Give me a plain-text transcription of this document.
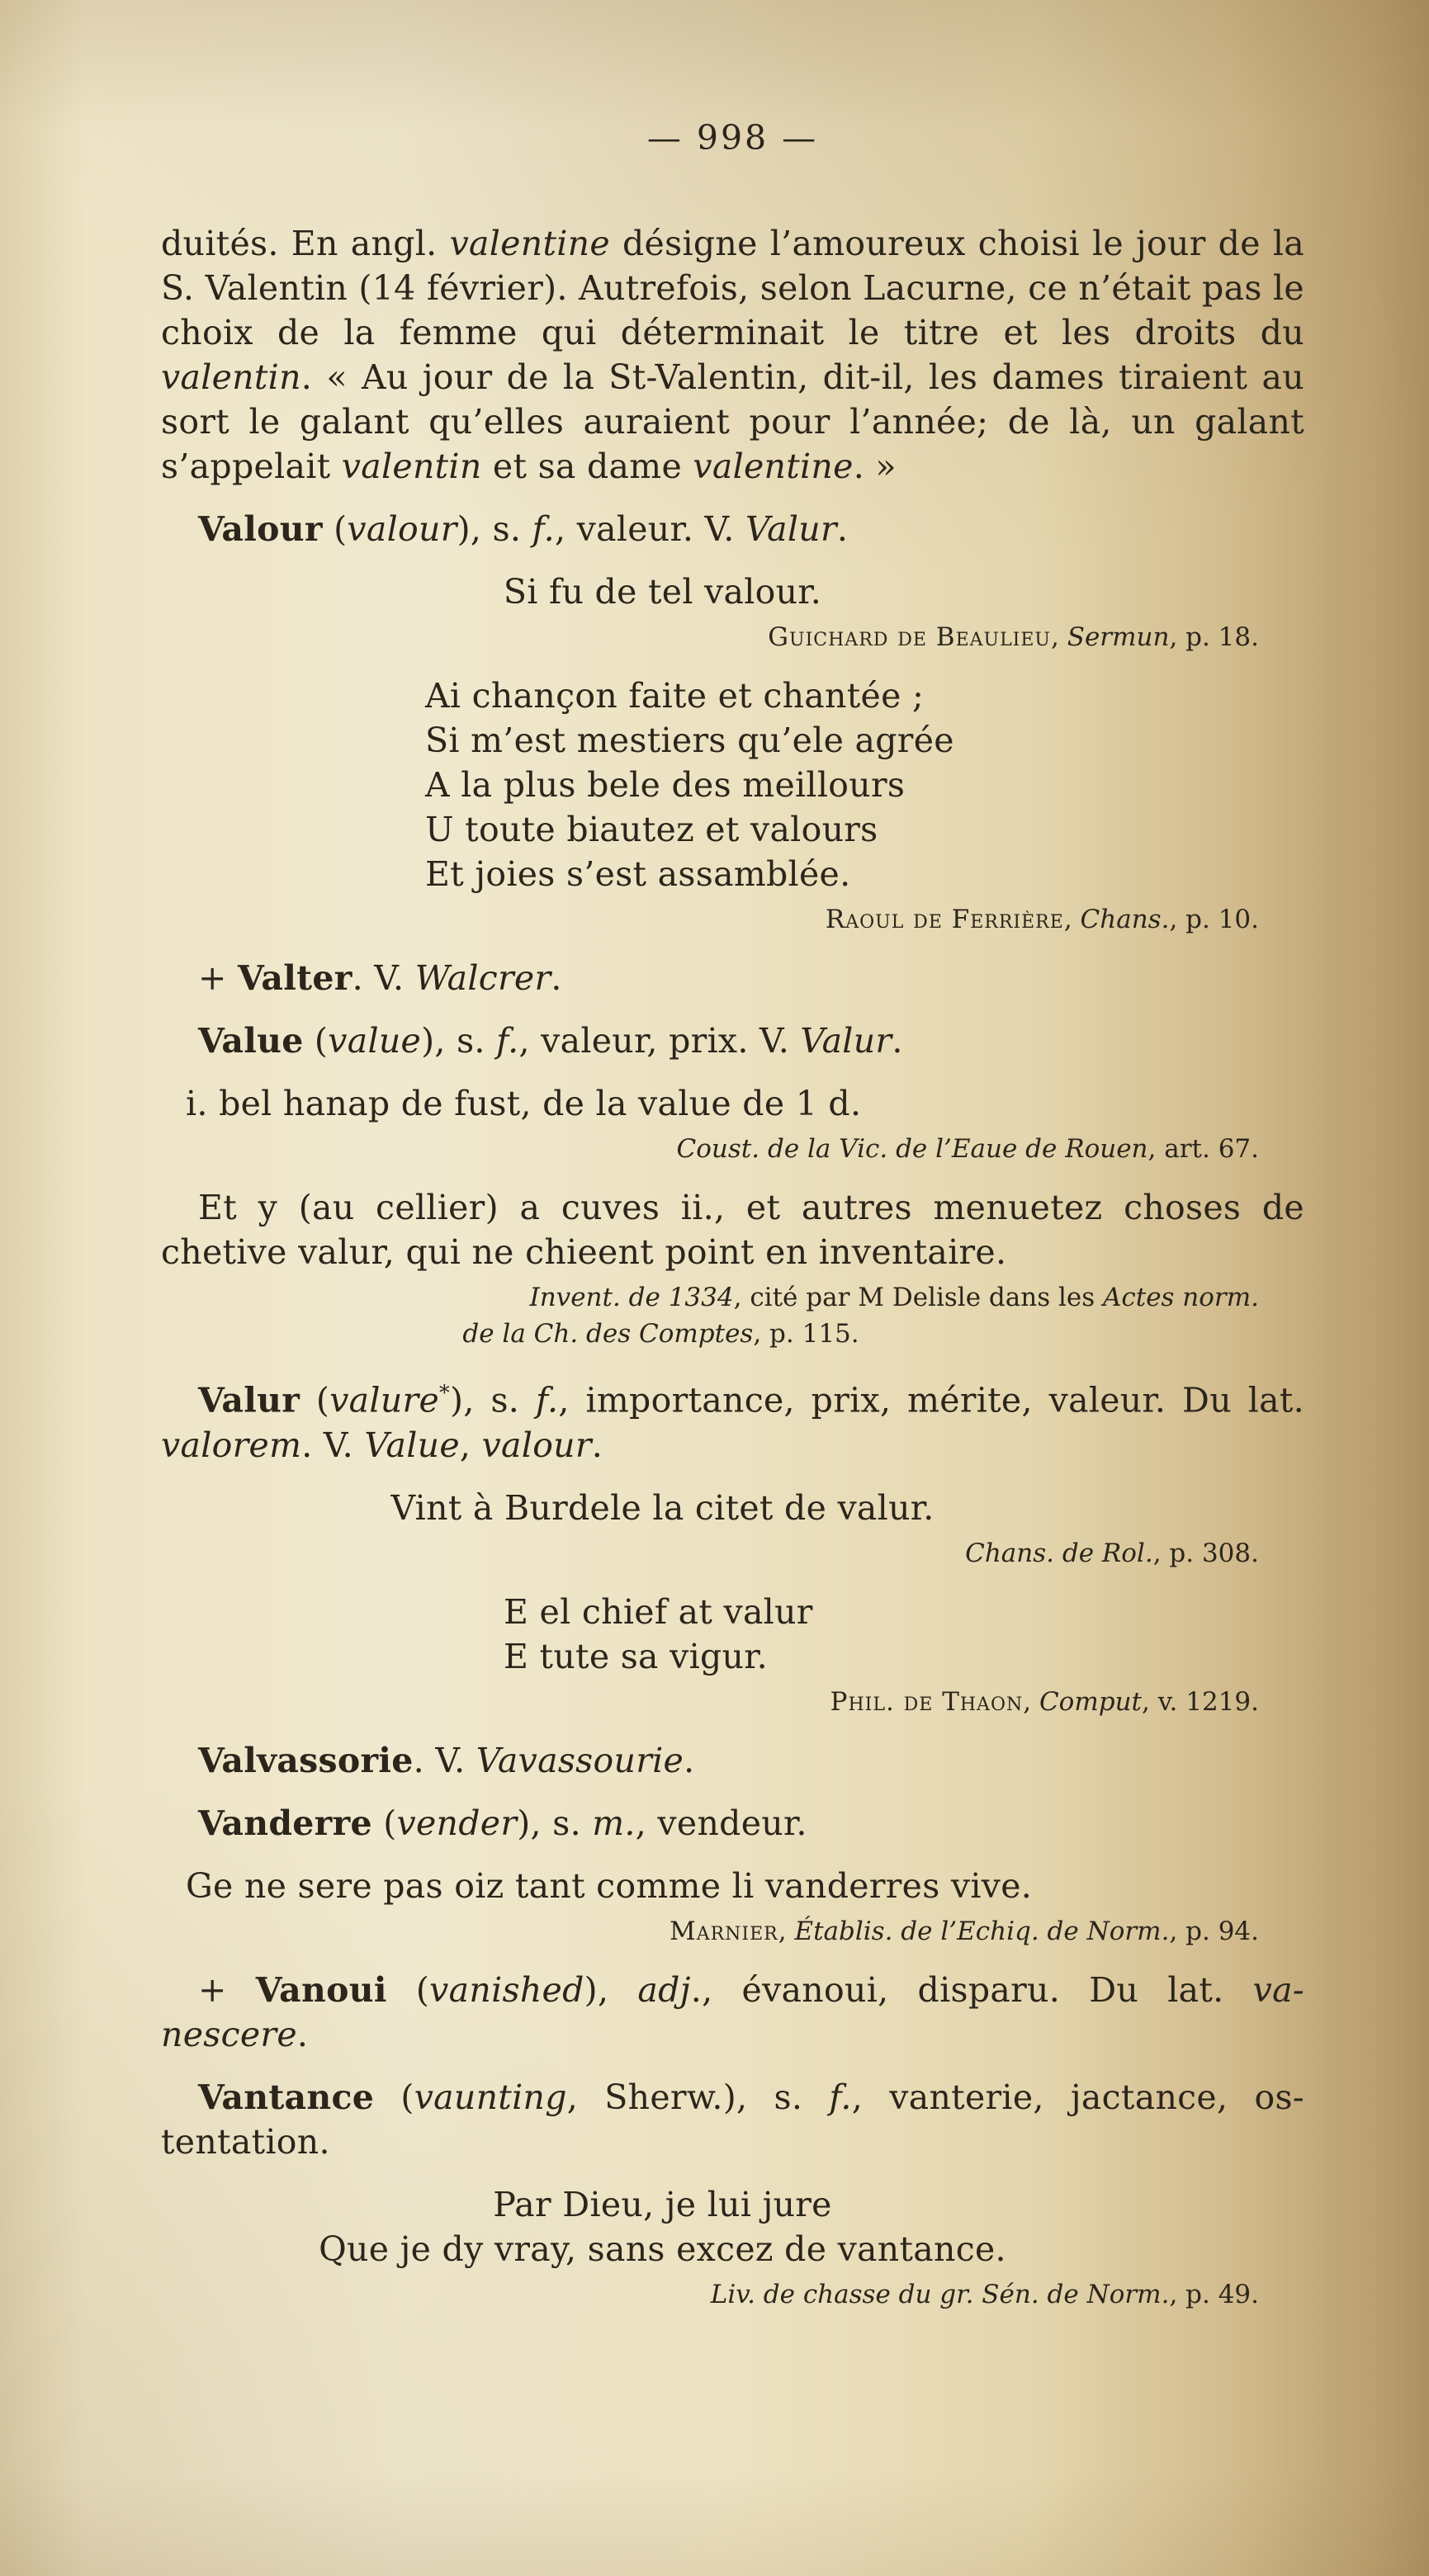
— 998 —
duités. En angl. valentine désigne l’amoureux choisi le jour de la S. Valentin (14 février). Autrefois, selon Lacurne, ce n’était pas le choix de la femme qui déterminait le titre et les droits du valentin. « Au jour de la St-Valentin, dit-il, les dames tiraient au sort le galant qu’elles auraient pour l’année; de là, un galant s’appelait valentin et sa dame valentine. »
Valour (valour), s. f., valeur. V. Valur.
Si fu de tel valour.
Guichard de Beaulieu, Sermun, p. 18.
Ai chançon faite et chantée ;
Si m’est mestiers qu’ele agrée
A la plus bele des meillours
U toute biautez et valours
Et joies s’est assamblée.
Raoul de Ferrière, Chans., p. 10.
+ Valter. V. Walcrer.
Value (value), s. f., valeur, prix. V. Valur.
i. bel hanap de fust, de la value de 1 d.
Coust. de la Vic. de l’Eaue de Rouen, art. 67.
Et y (au cellier) a cuves ii., et autres menuetez choses de chetive valur, qui ne chieent point en inventaire.
Invent. de 1334, cité par M Delisle dans les Actes norm.
de la Ch. des Comptes, p. 115.
Valur (valure*), s. f., importance, prix, mérite, valeur. Du lat. valorem. V. Value, valour.
Vint à Burdele la citet de valur.
Chans. de Rol., p. 308.
E el chief at valur
E tute sa vigur.
Phil. de Thaon, Comput, v. 1219.
Valvassorie. V. Vavassourie.
Vanderre (vender), s. m., vendeur.
Ge ne sere pas oiz tant comme li vanderres vive.
Marnier, Établis. de l’Echiq. de Norm., p. 94.
+ Vanoui (vanished), adj., évanoui, disparu. Du lat. va-nescere.
Vantance (vaunting, Sherw.), s. f., vanterie, jactance, os-tentation.
Par Dieu, je lui jure
Que je dy vray, sans excez de vantance.
Liv. de chasse du gr. Sén. de Norm., p. 49.
